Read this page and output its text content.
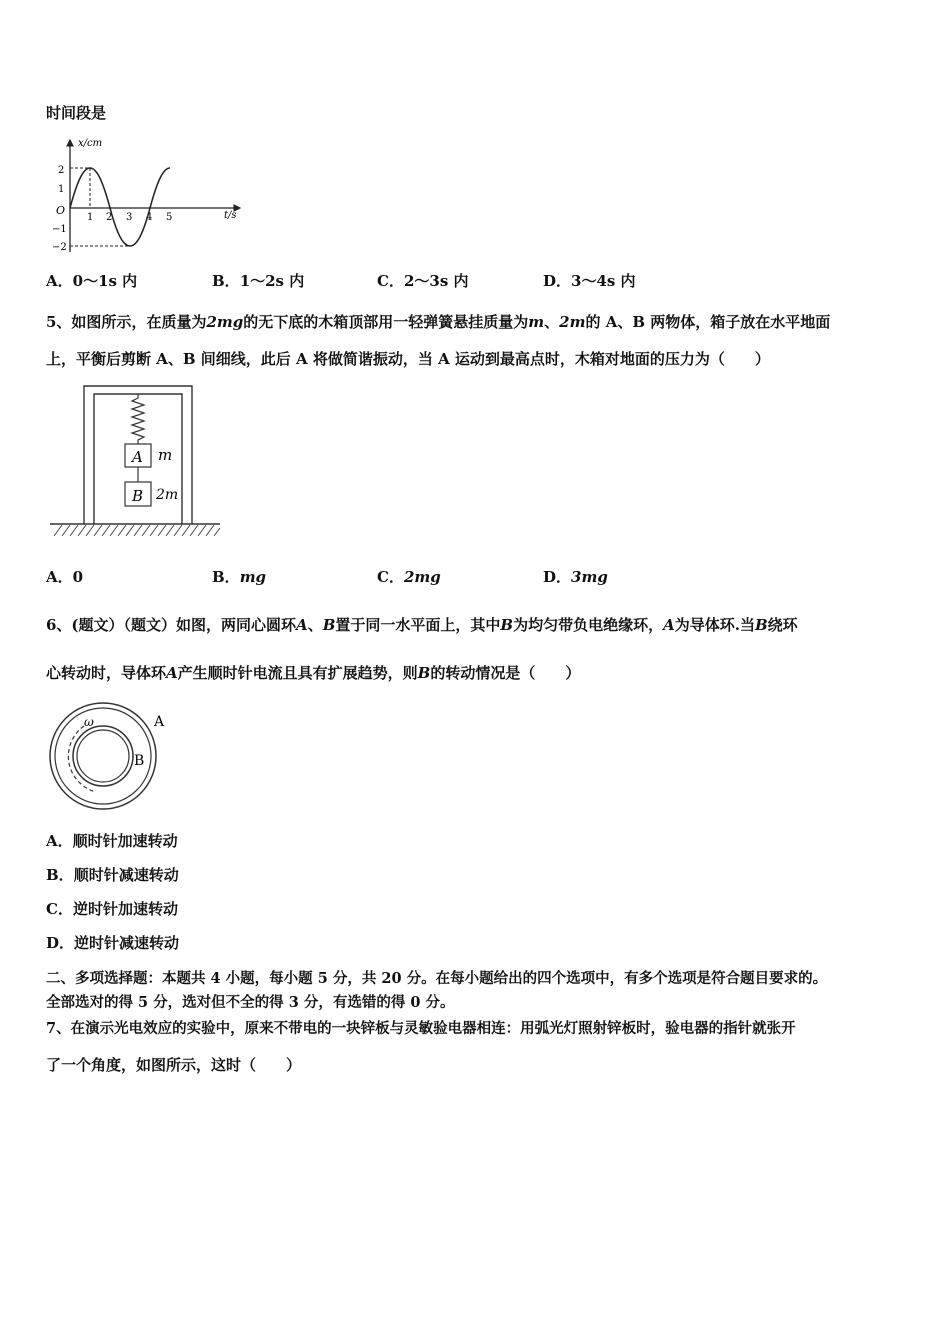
时间段是
x/cm
t/s
O
2
1
−1
−2
1 2 3 4 5
A．0～1s 内	B．1～2s 内	C．2～3s 内	D．3～4s 内
5、如图所示，在质量为2mg的无下底的木箱顶部用一轻弹簧悬挂质量为m、2m的 A、B 两物体，箱子放在水平地面
上，平衡后剪断 A、B 间细线，此后 A 将做简谐振动，当 A 运动到最高点时，木箱对地面的压力为（　　）
A m
B 2m
A．0	B．mg	C．2mg	D．3mg
6、(题文）（题文）如图，两同心圆环A、B置于同一水平面上，其中B为均匀带负电绝缘环，A为导体环.当B绕环
心转动时，导体环A产生顺时针电流且具有扩展趋势，则B的转动情况是（　　）
ω	A
B
A．顺时针加速转动
B．顺时针减速转动
C．逆时针加速转动
D．逆时针减速转动
二、多项选择题：本题共 4 小题，每小题 5 分，共 20 分。在每小题给出的四个选项中，有多个选项是符合题目要求的。
全部选对的得 5 分，选对但不全的得 3 分，有选错的得 0 分。
7、在演示光电效应的实验中，原来不带电的一块锌板与灵敏验电器相连：用弧光灯照射锌板时，验电器的指针就张开
了一个角度，如图所示，这时（　　）
